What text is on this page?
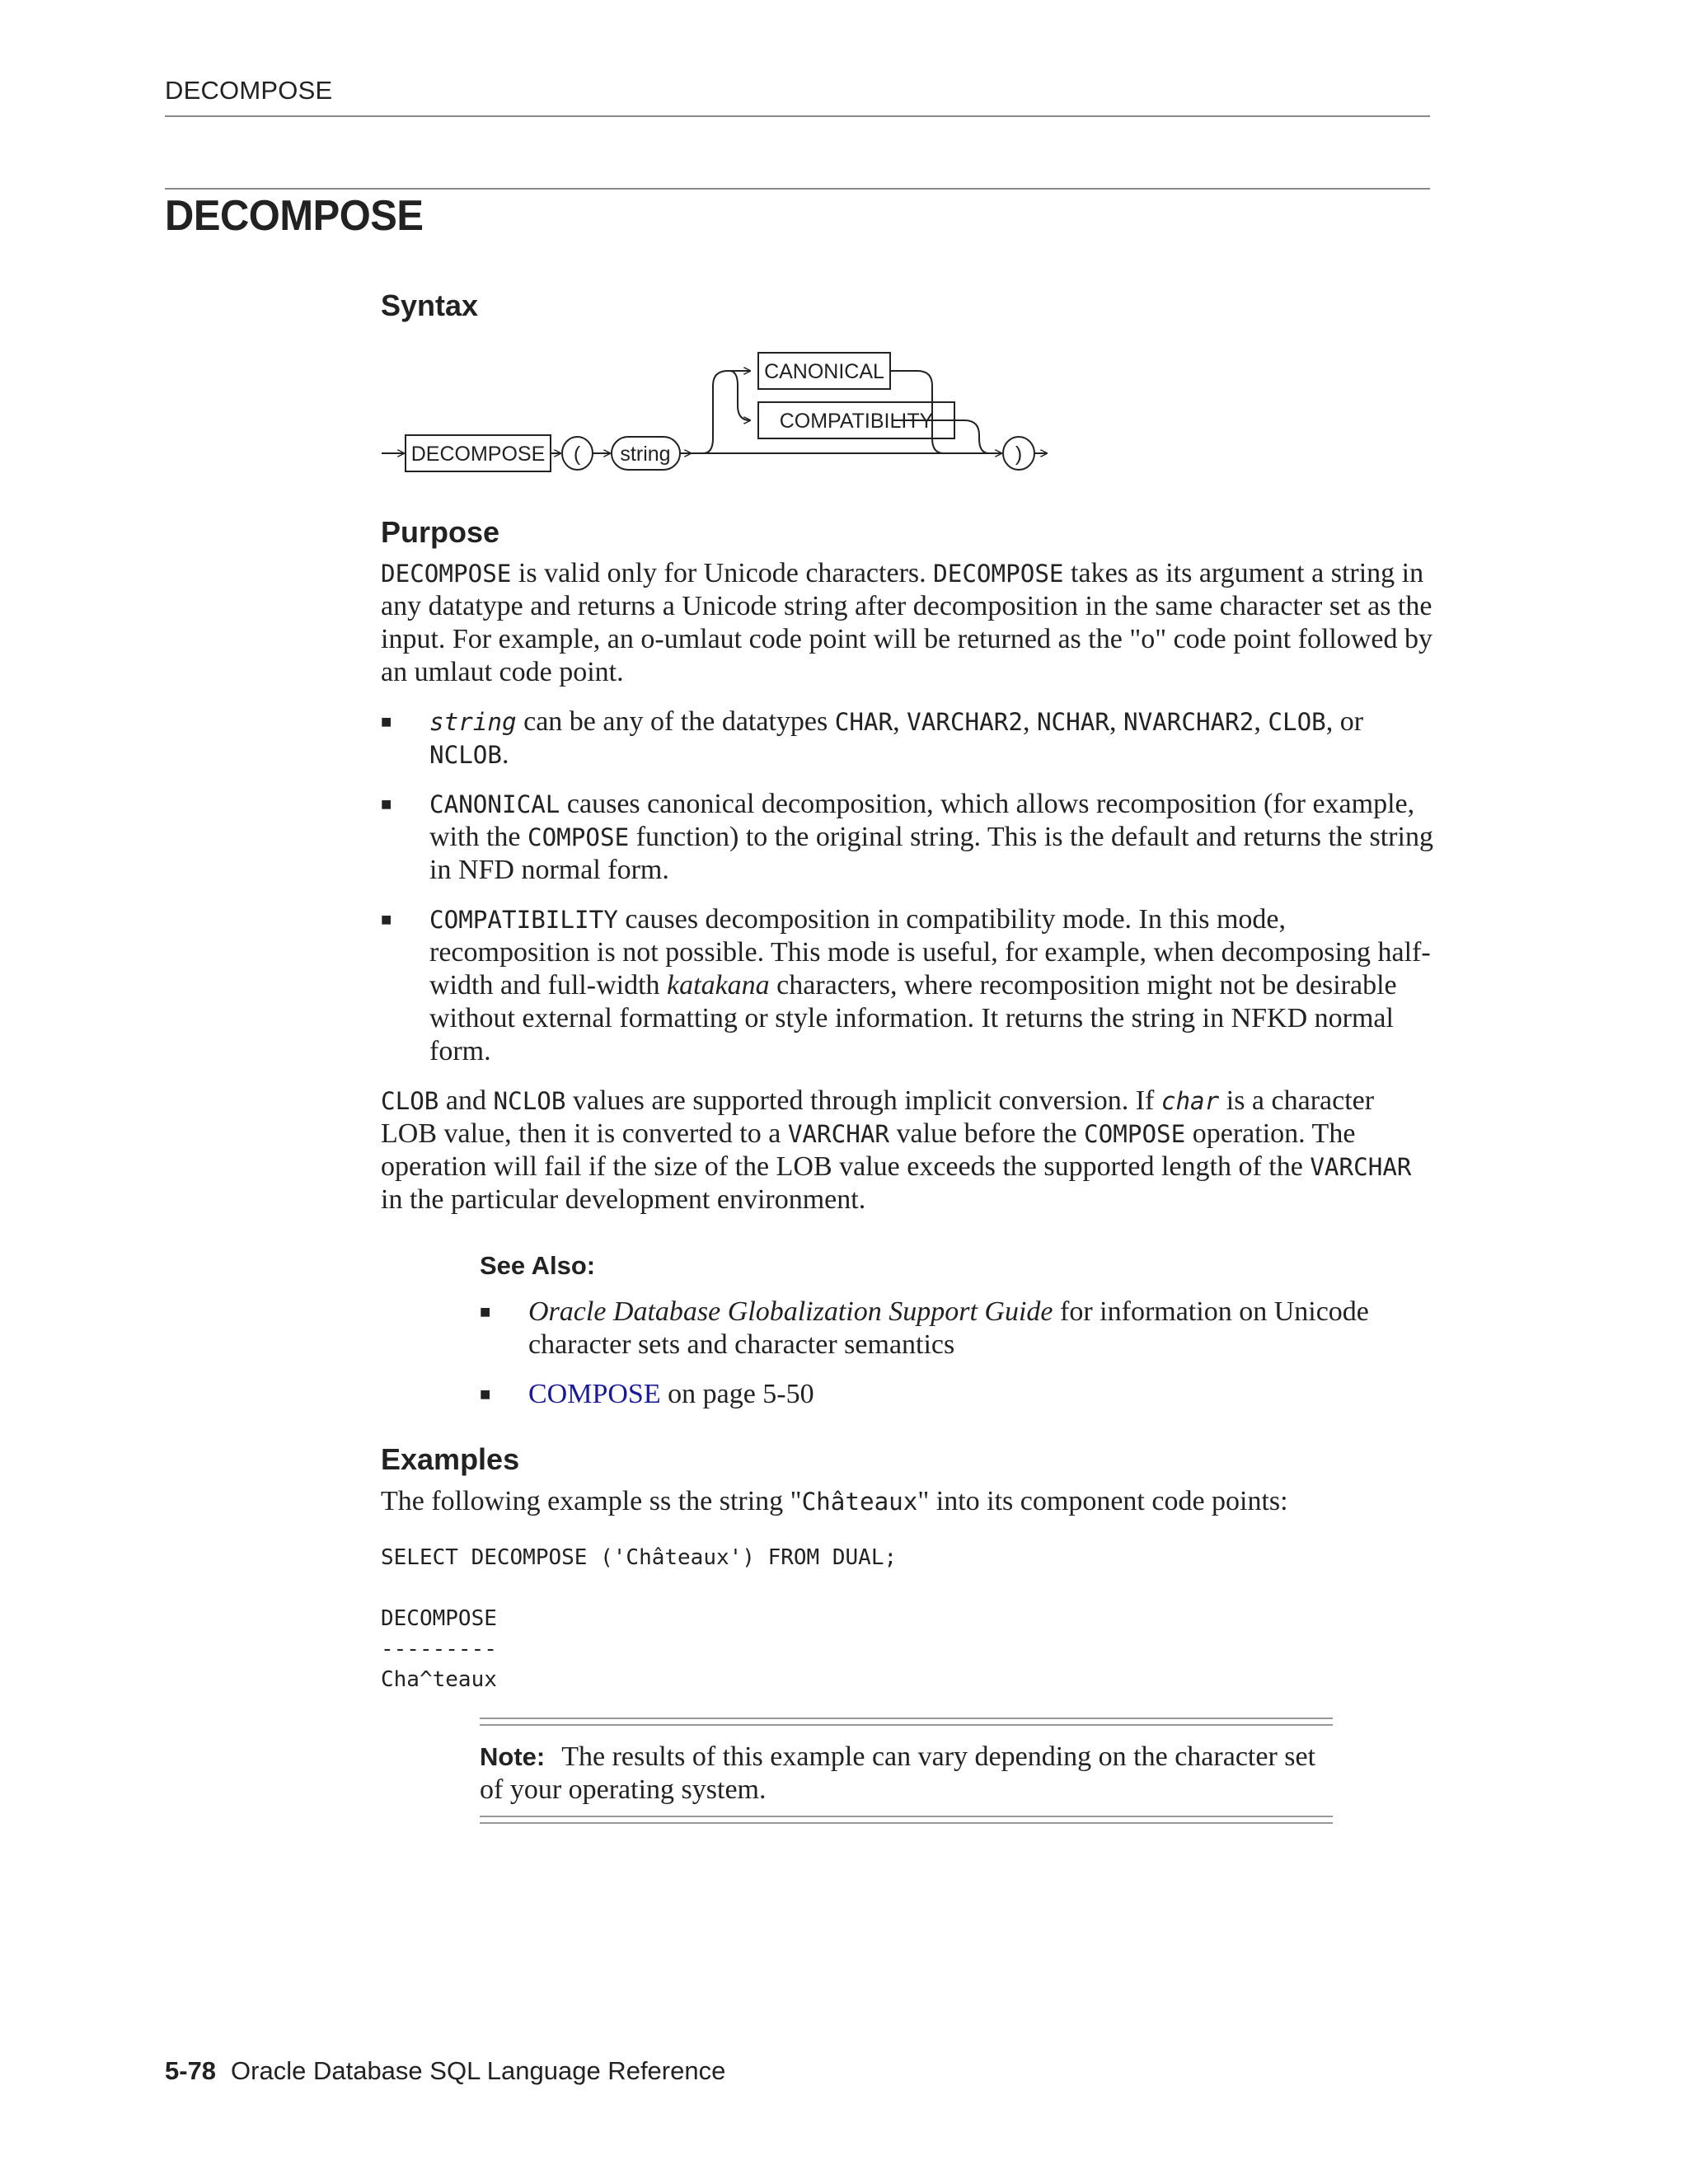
DECOMPOSE
DECOMPOSE
Syntax
DECOMPOSE ( string
CANONICAL
COMPATIBILITY
)
Purpose

DECOMPOSE is valid only for Unicode characters. DECOMPOSE takes as its argument a string in any datatype and returns a Unicode string after decomposition in the same character set as the input. For example, an o-umlaut code point will be returned as the "o" code point followed by an umlaut code point.

■ string can be any of the datatypes CHAR, VARCHAR2, NCHAR, NVARCHAR2, CLOB, or NCLOB.
■ CANONICAL causes canonical decomposition, which allows recomposition (for example, with the COMPOSE function) to the original string. This is the default and returns the string in NFD normal form.
■ COMPATIBILITY causes decomposition in compatibility mode. In this mode, recomposition is not possible. This mode is useful, for example, when decomposing half-width and full-width katakana characters, where recomposition might not be desirable without external formatting or style information. It returns the string in NFKD normal form.

CLOB and NCLOB values are supported through implicit conversion. If char is a character LOB value, then it is converted to a VARCHAR value before the COMPOSE operation. The operation will fail if the size of the LOB value exceeds the supported length of the VARCHAR in the particular development environment.

See Also:
■ Oracle Database Globalization Support Guide for information on Unicode character sets and character semantics
■ COMPOSE on page 5-50
Examples

The following example ss the string "Châteaux" into its component code points:

SELECT DECOMPOSE ('Châteaux') FROM DUAL;

DECOMPOSE
---------
Cha^teaux

Note: The results of this example can vary depending on the character set of your operating system.

5-78 Oracle Database SQL Language Reference
